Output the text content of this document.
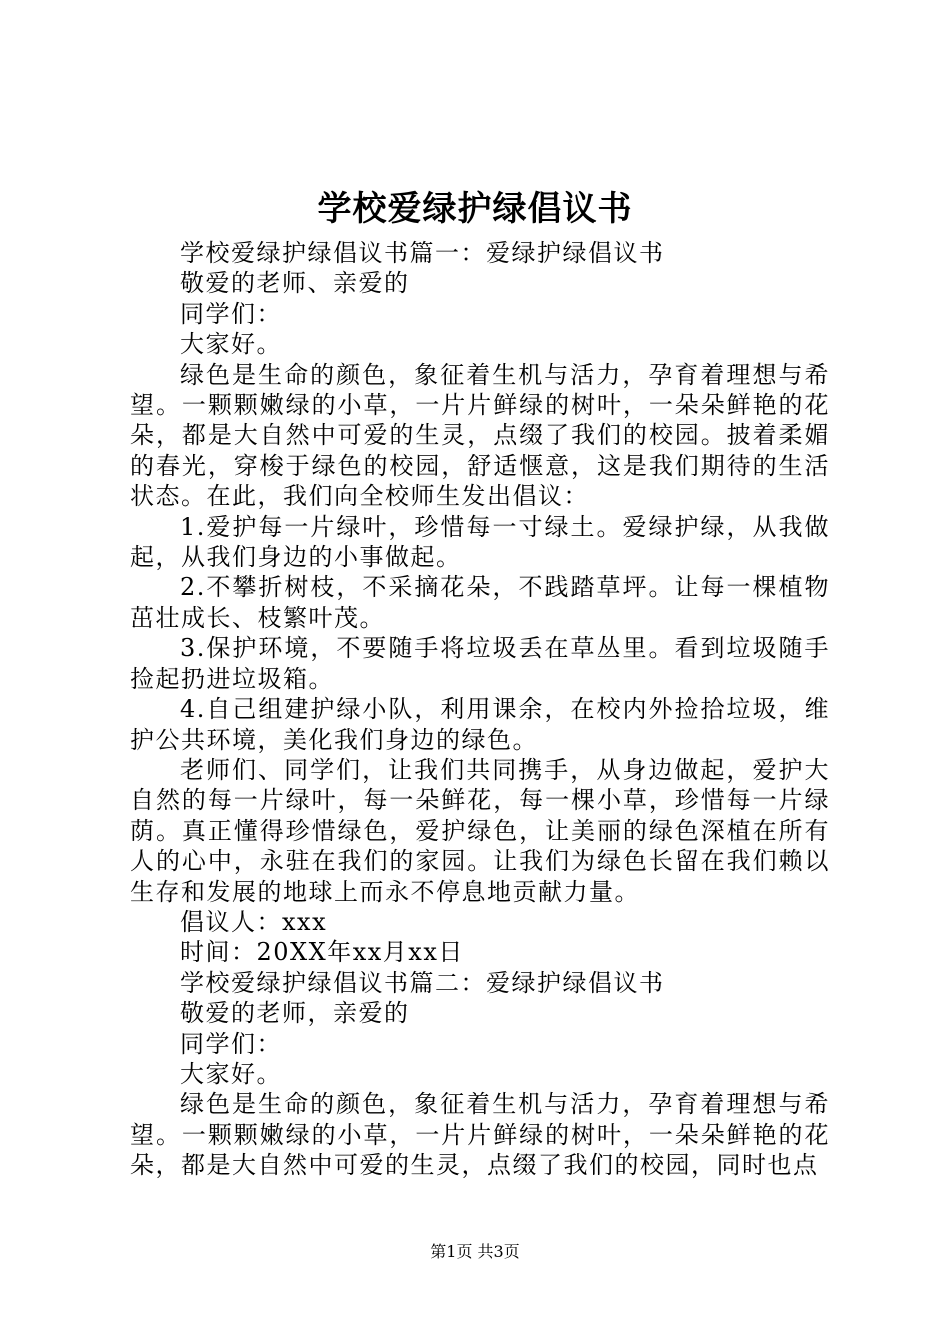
学校爱绿护绿倡议书

学校爱绿护绿倡议书篇一：爱绿护绿倡议书

敬爱的老师、亲爱的

同学们：

大家好。

绿色是生命的颜色，象征着生机与活力，孕育着理想与希望。一颗颗嫩绿的小草，一片片鲜绿的树叶，一朵朵鲜艳的花朵，都是大自然中可爱的生灵，点缀了我们的校园。披着柔媚的春光，穿梭于绿色的校园，舒适惬意，这是我们期待的生活状态。在此，我们向全校师生发出倡议：

1.爱护每一片绿叶，珍惜每一寸绿土。爱绿护绿，从我做起，从我们身边的小事做起。

2.不攀折树枝，不采摘花朵，不践踏草坪。让每一棵植物茁壮成长、枝繁叶茂。

3.保护环境，不要随手将垃圾丢在草丛里。看到垃圾随手捡起扔进垃圾箱。

4.自己组建护绿小队，利用课余，在校内外捡拾垃圾，维护公共环境，美化我们身边的绿色。

老师们、同学们，让我们共同携手，从身边做起，爱护大自然的每一片绿叶，每一朵鲜花，每一棵小草，珍惜每一片绿荫。真正懂得珍惜绿色，爱护绿色，让美丽的绿色深植在所有人的心中，永驻在我们的家园。让我们为绿色长留在我们赖以生存和发展的地球上而永不停息地贡献力量。

倡议人：xxx

时间：20XX年xx月xx日

学校爱绿护绿倡议书篇二：爱绿护绿倡议书

敬爱的老师，亲爱的

同学们：

大家好。

绿色是生命的颜色，象征着生机与活力，孕育着理想与希望。一颗颗嫩绿的小草，一片片鲜绿的树叶，一朵朵鲜艳的花朵，都是大自然中可爱的生灵，点缀了我们的校园，同时也点

第1页 共3页
